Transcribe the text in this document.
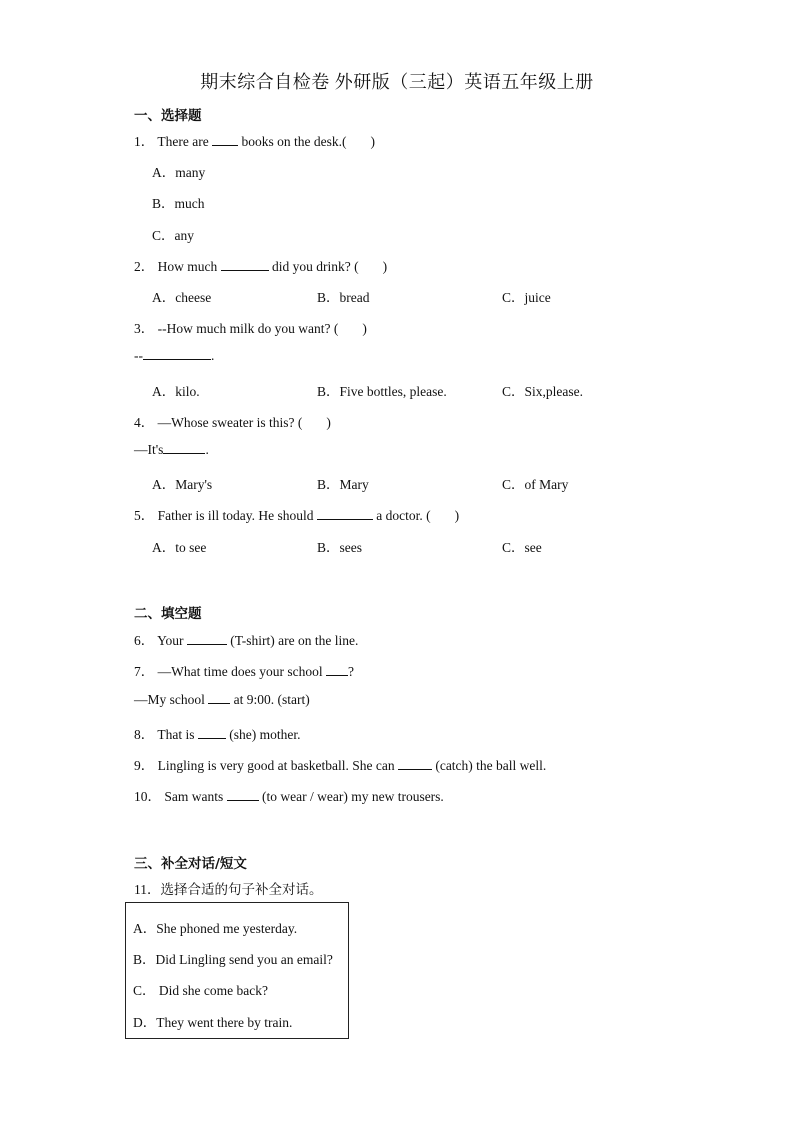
期末综合自检卷 外研版（三起）英语五年级上册
一、选择题
1． There are books on the desk.( )
A．many
B．much
C．any
2． How much	did you drink? ( )
A．cheese	B．bread	C．juice
3． --How much milk do you want? ( )
--	.
A．kilo.	B．Five bottles, please.	C．Six,please.
4． —Whose sweater is this? ( )
—It's	.
A．Mary's	B．Mary	C．of Mary
5． Father is ill today. He should	a doctor. ( )
A．to see	B．sees	C．see
二、填空题
6． Your	(T-shirt) are on the line.
7． —What time does your school ?
—My school at 9:00. (start)
8． That is	(she) mother.
9． Lingling is very good at basketball. She can	(catch) the ball well.
10． Sam wants	(to wear / wear) my new trousers.
三、补全对话/短文
11．选择合适的句子补全对话。
A．She phoned me yesterday.
B．Did Lingling send you an email?
C． Did she come back?
D．They went there by train.
